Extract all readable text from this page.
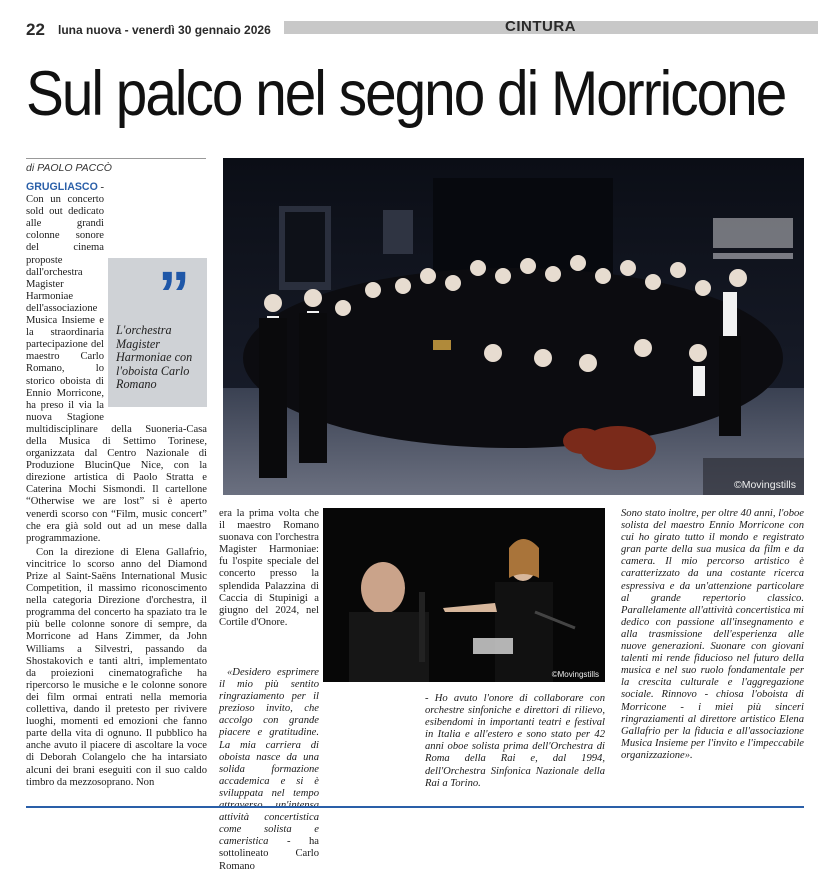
22 luna nuova - venerdì 30 gennaio 2026	CINTURA
Sul palco nel segno di Morricone
di PAOLO PACCÒ

GRUGLIASCO - Con un concerto sold out dedicato alle grandi colonne sonore del cinema proposte dall'orchestra Magister Harmoniae dell'associazione Musica Insieme e la straordinaria partecipazione del maestro Carlo Romano, lo storico oboista di Ennio Morricone, ha preso il via la nuova Stagione multidisciplinare della Suoneria-Casa della Musica di Settimo Torinese, organizzata dal Centro Nazionale di Produzione BlucinQue Nice, con la direzione artistica di Paolo Stratta e Caterina Mochi Sismondi. Il cartellone “Otherwise we are lost” si è aperto venerdì scorso con “Film, music concert” che era già sold out ad un mese dalla programmazione.

Con la direzione di Elena Gallafrio, vincitrice lo scorso anno del Diamond Prize al Saint-Saëns International Music Competition, il massimo riconoscimento nella categoria Direzione d'orchestra, il programma del concerto ha spaziato tra le più belle colonne sonore di sempre, da Morricone ad Hans Zimmer, da John Williams a Silvestri, passando da Shostakovich e tanti altri, implementato da proiezioni cinematografiche ha ripercorso le musiche e le colonne sonore dei film ormai entrati nella memoria collettiva, dando il pretesto per rivivere luoghi, momenti ed emozioni che fanno parte della vita di ognuno. Il pubblico ha anche avuto il piacere di ascoltare la voce di Deborah Colangelo che ha intarsiato alcuni dei brani eseguiti con il suo caldo timbro da mezzosoprano. Non

”
L'orchestra Magister Harmoniae con l'oboista Carlo Romano
©Movingstills

era la prima volta che il maestro Romano suonava con l'orchestra Magister Harmoniae: fu l'ospite speciale del concerto presso la splendida Palazzina di Caccia di Stupinigi a giugno del 2024, nel Cortile d'Onore.

«Desidero esprimere il mio più sentito ringraziamento per il prezioso invito, che accolgo con grande piacere e gratitudine. La mia carriera di oboista nasce da una solida formazione accademica e si è sviluppata nel tempo attività concertistica come solista e cameristica - ha sottolineato Carlo Romano

©Movingstills

- Ho avuto l'onore di collaborare con orchestre sinfoniche e direttori di rilievo, esibendomi in importanti teatri e festival in Italia e all'estero e sono stato per 42 anni oboe solista prima dell'Orchestra di Roma della Rai e, dal 1994, dell'Orchestra Sinfonica Nazionale della Rai a Torino.

Sono stato inoltre, per oltre 40 anni, l'oboe solista del maestro Ennio Morricone con cui ho girato tutto il mondo e registrato gran parte della sua musica da film e da camera. Il mio percorso artistico è caratterizzato da una costante ricerca espressiva e da un'attenzione particolare al grande repertorio classico. Parallelamente all'attività concertistica mi dedico con passione all'insegnamento e alla trasmissione dell'esperienza alle nuove generazioni. Suonare con giovani talenti mi rende fiducioso nel futuro della musica e nel suo ruolo fondamentale per la crescita culturale e l'aggregazione sociale. Rinnovo - chiosa l'oboista di Morricone - i miei più sinceri ringraziamenti al direttore artistico Elena Gallafrio per la fiducia e all'associazione Musica Insieme per l'invito e l'impeccabile organizzazione».
